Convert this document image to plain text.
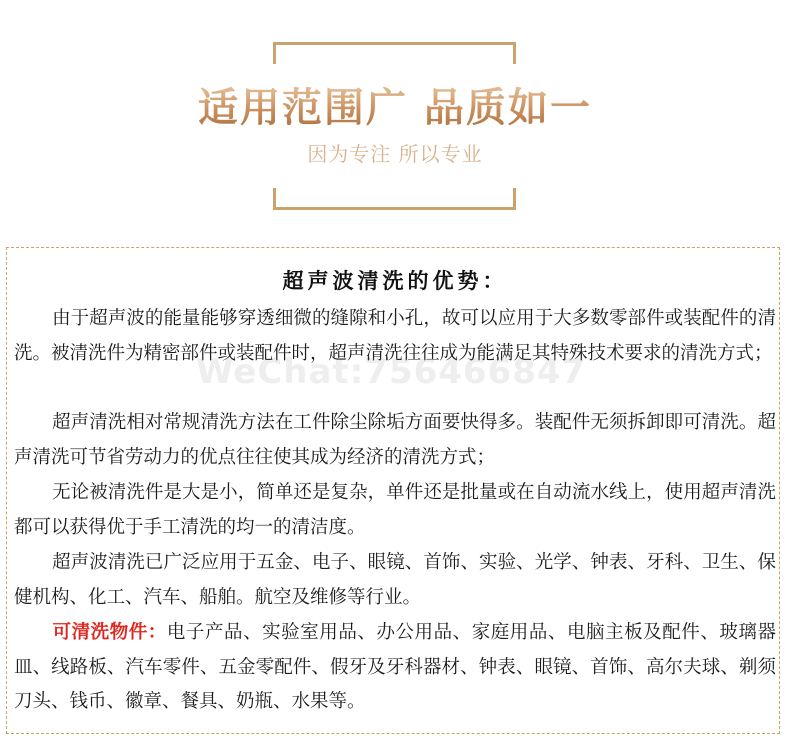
适用范围广 品质如一
因为专注 所以专业
超声波清洗的优势：

由于超声波的能量能够穿透细微的缝隙和小孔，故可以应用于大多数零部件或装配件的清洗。被清洗件为精密部件或装配件时，超声清洗往往成为能满足其特殊技术要求的清洗方式；

超声清洗相对常规清洗方法在工件除尘除垢方面要快得多。装配件无须拆卸即可清洗。超声清洗可节省劳动力的优点往往使其成为经济的清洗方式；

无论被清洗件是大是小，简单还是复杂，单件还是批量或在自动流水线上，使用超声清洗都可以获得优于手工清洗的均一的清洁度。

超声波清洗已广泛应用于五金、电子、眼镜、首饰、实验、光学、钟表、牙科、卫生、保健机构、化工、汽车、船舶。航空及维修等行业。

可清洗物件：电子产品、实验室用品、办公用品、家庭用品、电脑主板及配件、玻璃器皿、线路板、汽车零件、五金零配件、假牙及牙科器材、钟表、眼镜、首饰、高尔夫球、剃须刀头、钱币、徽章、餐具、奶瓶、水果等。

WeChat:756466847
